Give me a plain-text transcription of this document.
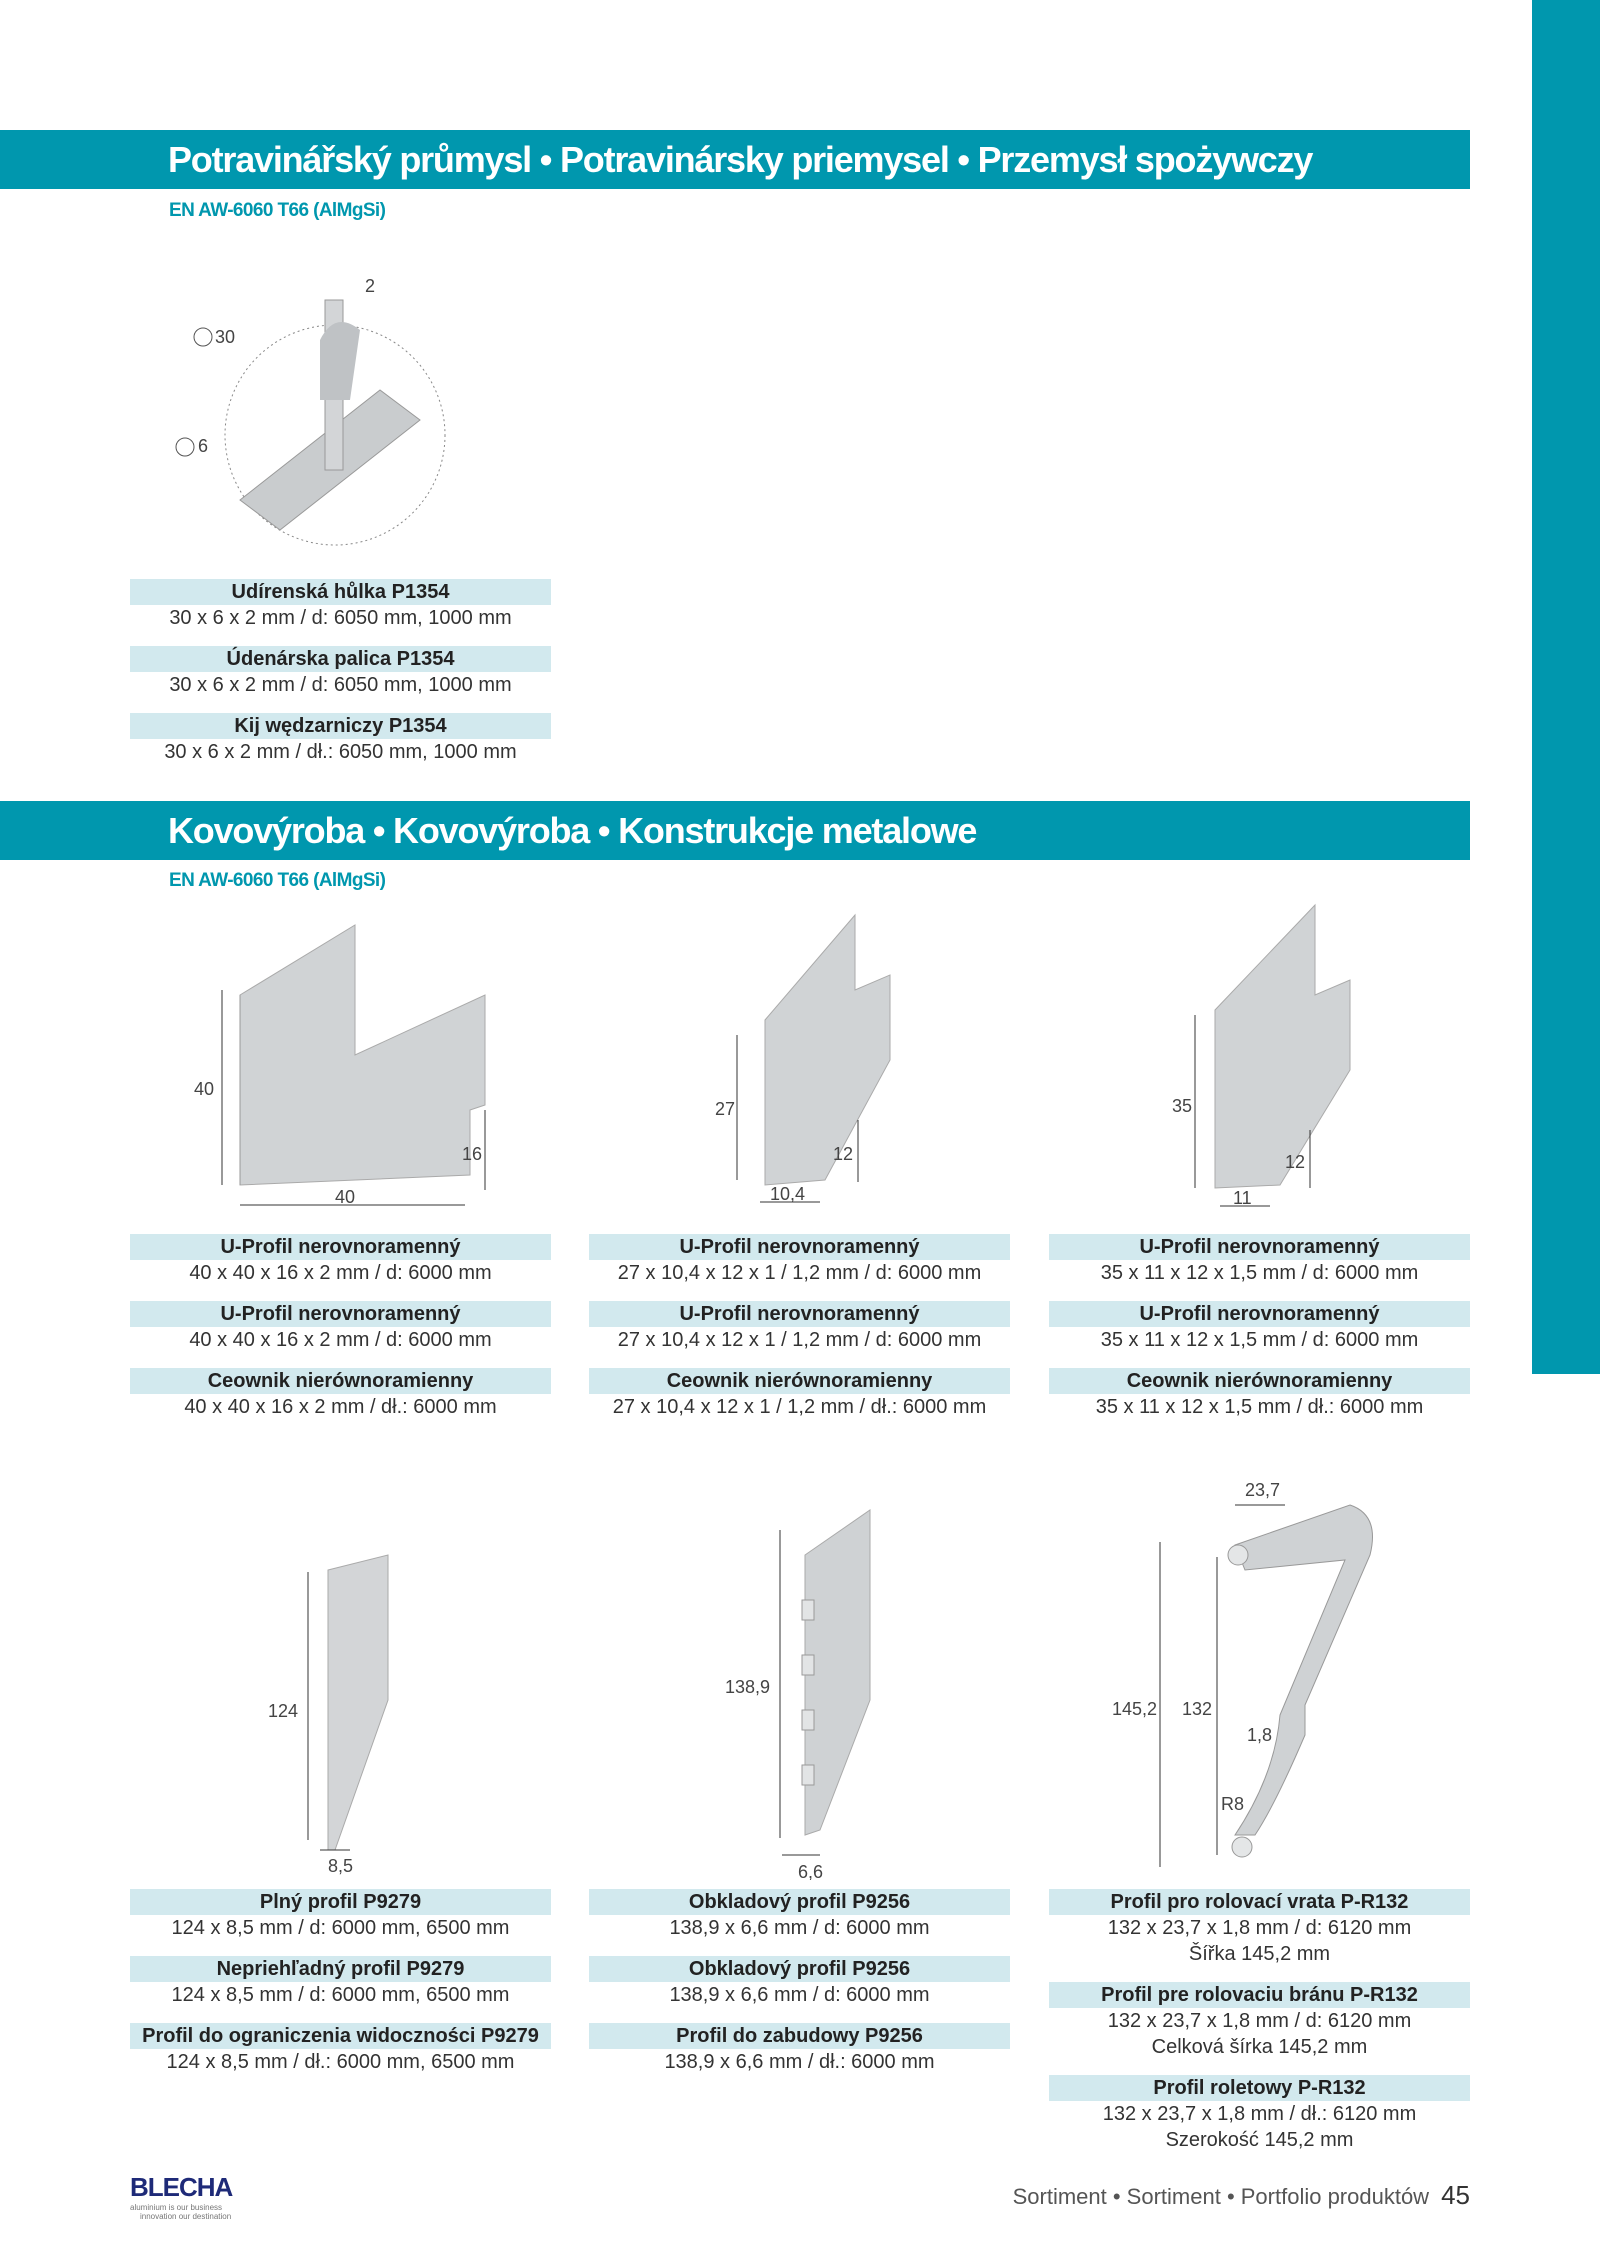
Potravinářský průmysl • Potravinársky priemysel • Przemysł spożywczy
EN AW-6060 T66 (AlMgSi)
2
30
6
Udírenská hůlka P1354
30 x 6 x 2 mm / d: 6050 mm, 1000 mm
Údenárska palica P1354
30 x 6 x 2 mm / d: 6050 mm, 1000 mm
Kij wędzarniczy P1354
30 x 6 x 2 mm / dł.: 6050 mm, 1000 mm
Kovovýroba • Kovovýroba • Konstrukcje metalowe
EN AW-6060 T66 (AlMgSi)
40
16
40
27
12
10,4
35
12
11
U-Profil nerovnoramenný
40 x 40 x 16 x 2 mm / d: 6000 mm
U-Profil nerovnoramenný
40 x 40 x 16 x 2 mm / d: 6000 mm
Ceownik nierównoramienny
40 x 40 x 16 x 2 mm / dł.: 6000 mm
U-Profil nerovnoramenný
27 x 10,4 x 12 x 1 / 1,2 mm / d: 6000 mm
U-Profil nerovnoramenný
27 x 10,4 x 12 x 1 / 1,2 mm / d: 6000 mm
Ceownik nierównoramienny
27 x 10,4 x 12 x 1 / 1,2 mm / dł.: 6000 mm
U-Profil nerovnoramenný
35 x 11 x 12 x 1,5 mm / d: 6000 mm
U-Profil nerovnoramenný
35 x 11 x 12 x 1,5 mm / d: 6000 mm
Ceownik nierównoramienny
35 x 11 x 12 x 1,5 mm / dł.: 6000 mm
124
8,5
138,9
6,6
23,7
145,2 132
1,8
R8
Plný profil P9279
124 x 8,5 mm / d: 6000 mm, 6500 mm
Nepriehľadný profil P9279
124 x 8,5 mm / d: 6000 mm, 6500 mm
Profil do ograniczenia widoczności P9279
124 x 8,5 mm / dł.: 6000 mm, 6500 mm
Obkladový profil P9256
138,9 x 6,6 mm / d: 6000 mm
Obkladový profil P9256
138,9 x 6,6 mm / d: 6000 mm
Profil do zabudowy P9256
138,9 x 6,6 mm / dł.: 6000 mm
Profil pro rolovací vrata P-R132
132 x 23,7 x 1,8 mm / d: 6120 mm
Šířka 145,2 mm
Profil pre rolovaciu bránu P-R132
132 x 23,7 x 1,8 mm / d: 6120 mm
Celková šírka 145,2 mm
Profil roletowy P-R132
132 x 23,7 x 1,8 mm / dł.: 6120 mm
Szerokość 145,2 mm
BLECHA
aluminium is our business
innovation our destination
Sortiment • Sortiment • Portfolio produktów 45
